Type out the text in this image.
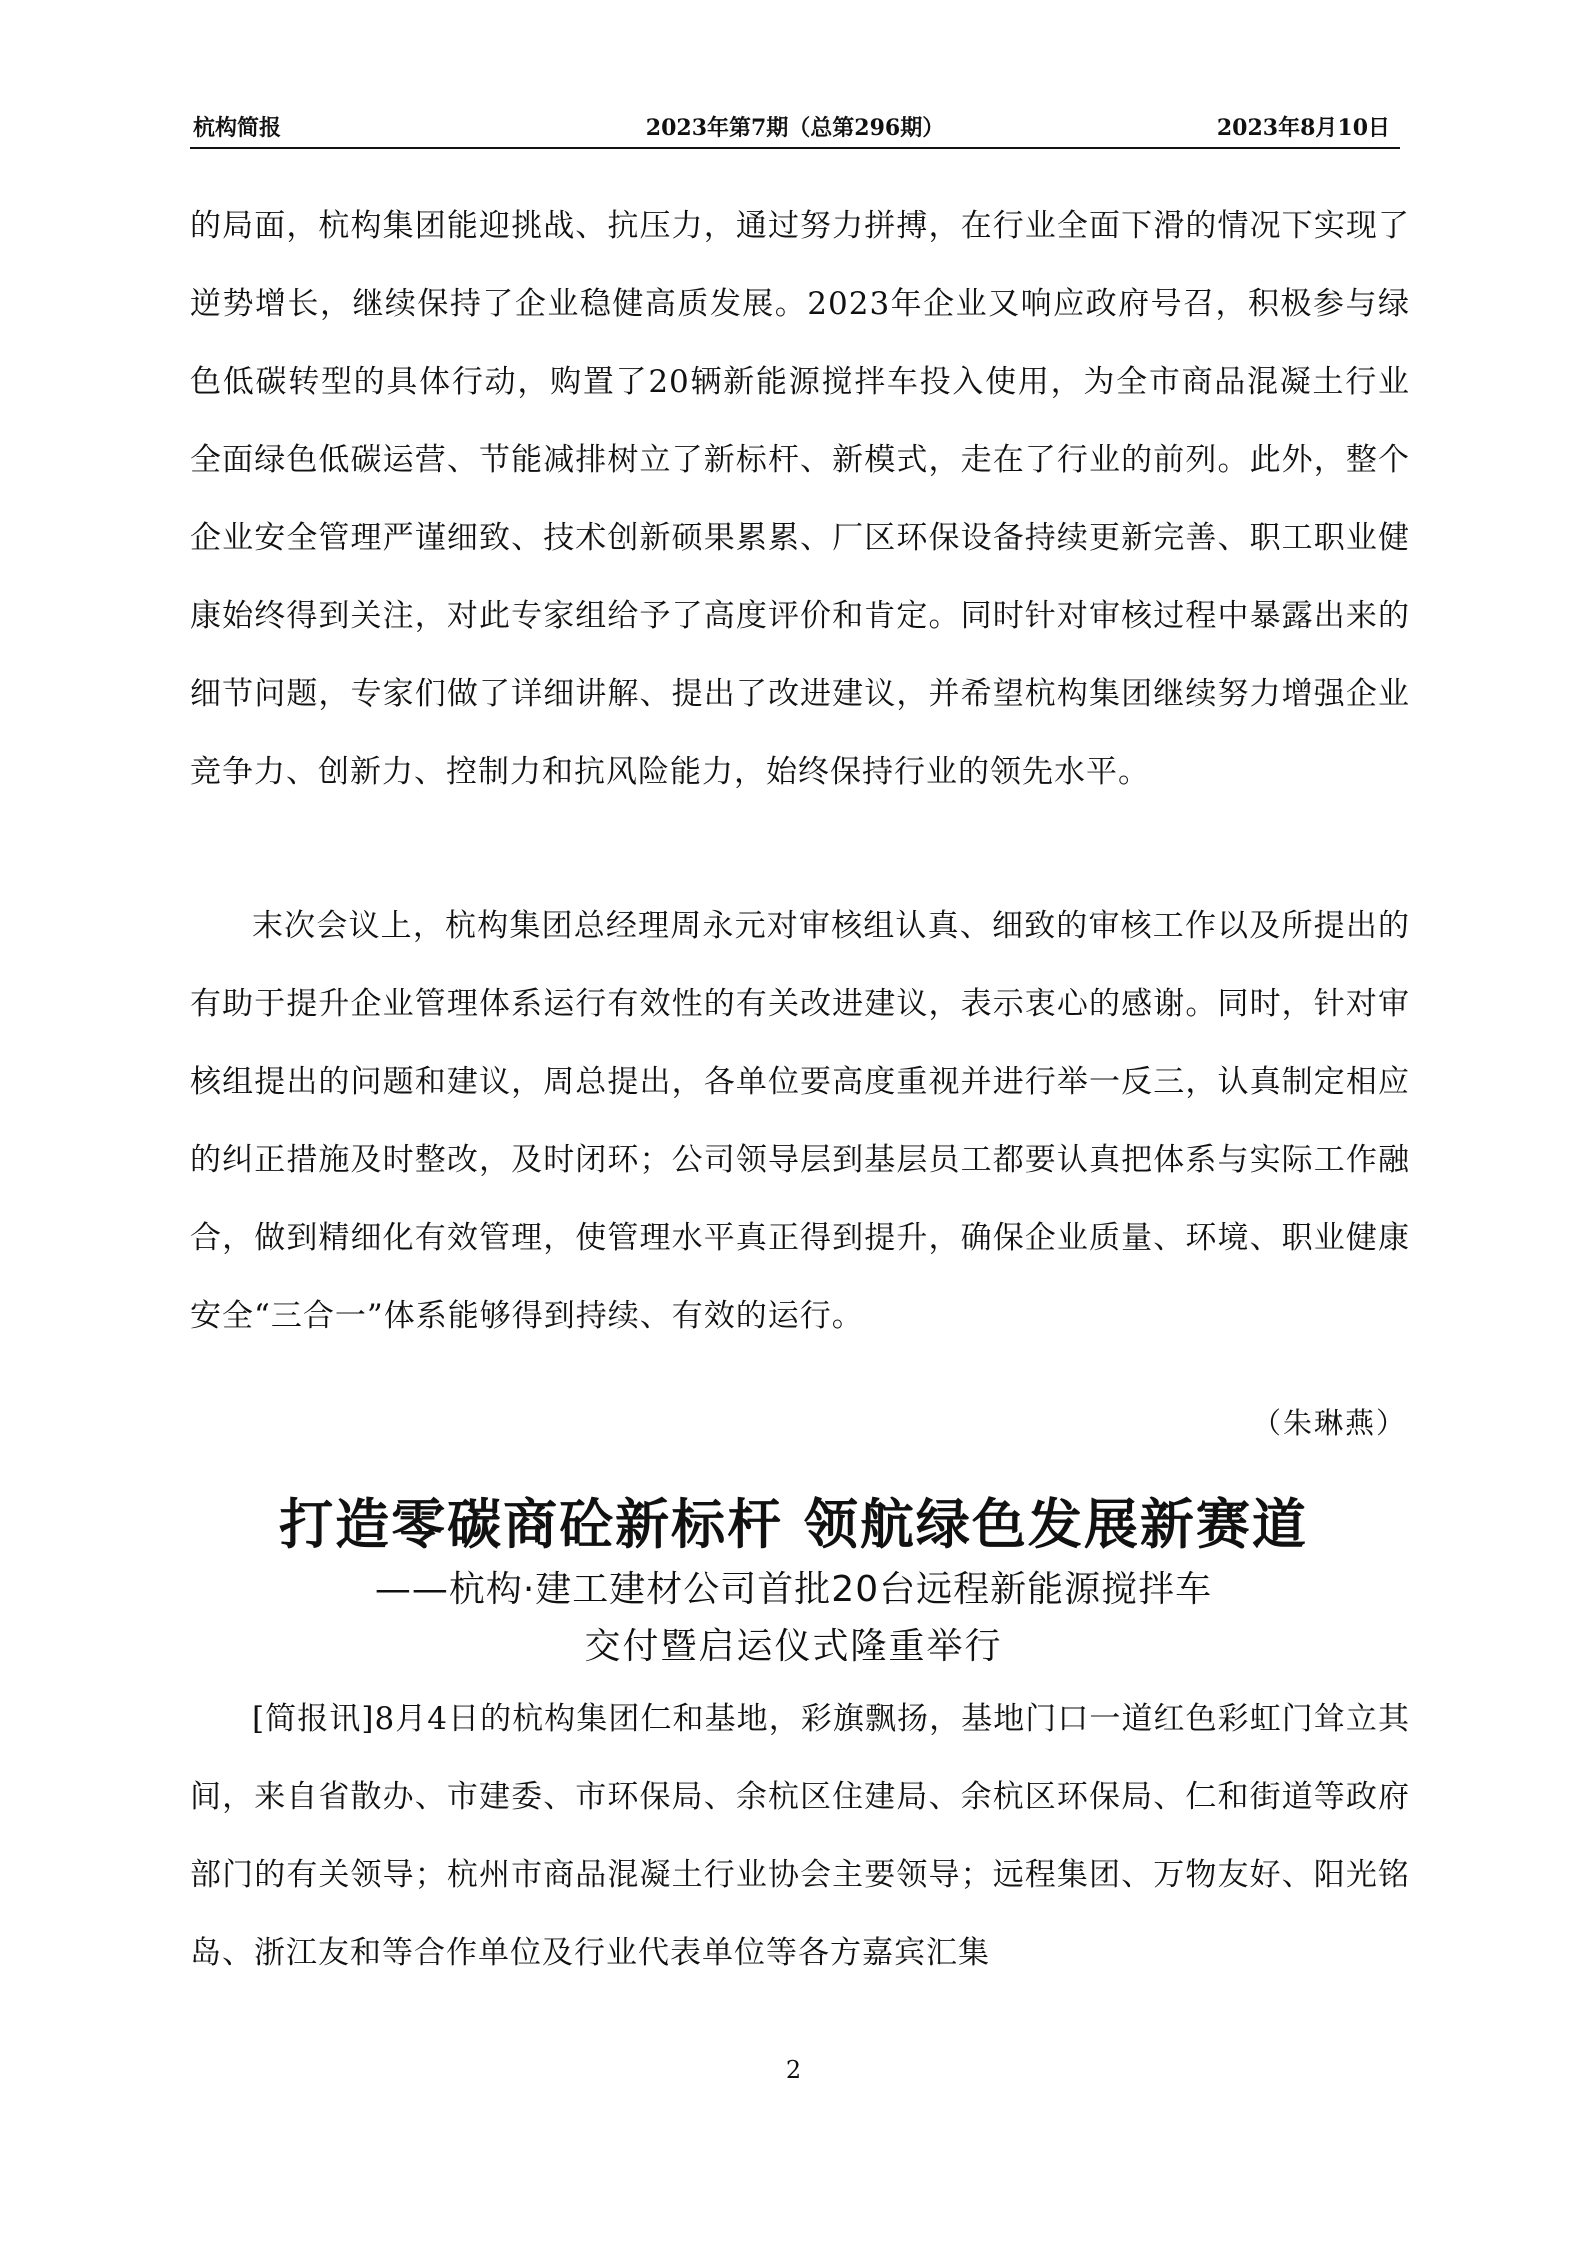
杭构简报	2023年第7期（总第296期）	2023年8月10日

的局面，杭构集团能迎挑战、抗压力，通过努力拼搏，在行业全面下滑的情况下实现了逆势增长，继续保持了企业稳健高质发展。2023年企业又响应政府号召，积极参与绿色低碳转型的具体行动，购置了20辆新能源搅拌车投入使用，为全市商品混凝土行业全面绿色低碳运营、节能减排树立了新标杆、新模式，走在了行业的前列。此外，整个企业安全管理严谨细致、技术创新硕果累累、厂区环保设备持续更新完善、职工职业健康始终得到关注，对此专家组给予了高度评价和肯定。同时针对审核过程中暴露出来的细节问题，专家们做了详细讲解、提出了改进建议，并希望杭构集团继续努力增强企业竞争力、创新力、控制力和抗风险能力，始终保持行业的领先水平。

末次会议上，杭构集团总经理周永元对审核组认真、细致的审核工作以及所提出的有助于提升企业管理体系运行有效性的有关改进建议，表示衷心的感谢。同时，针对审核组提出的问题和建议，周总提出，各单位要高度重视并进行举一反三，认真制定相应的纠正措施及时整改，及时闭环；公司领导层到基层员工都要认真把体系与实际工作融合，做到精细化有效管理，使管理水平真正得到提升，确保企业质量、环境、职业健康安全“三合一”体系能够得到持续、有效的运行。

[简报讯]8月4日的杭构集团仁和基地，彩旗飘扬，基地门口一道红色彩虹门耸立其间，来自省散办、市建委、市环保局、余杭区住建局、余杭区环保局、仁和街道等政府部门的有关领导；杭州市商品混凝土行业协会主要领导；远程集团、万物友好、阳光铭岛、浙江友和等合作单位及行业代表单位等各方嘉宾汇集

（朱琳燕）
打造零碳商砼新标杆 领航绿色发展新赛道
——杭构·建工建材公司首批20台远程新能源搅拌车
交付暨启运仪式隆重举行
2
